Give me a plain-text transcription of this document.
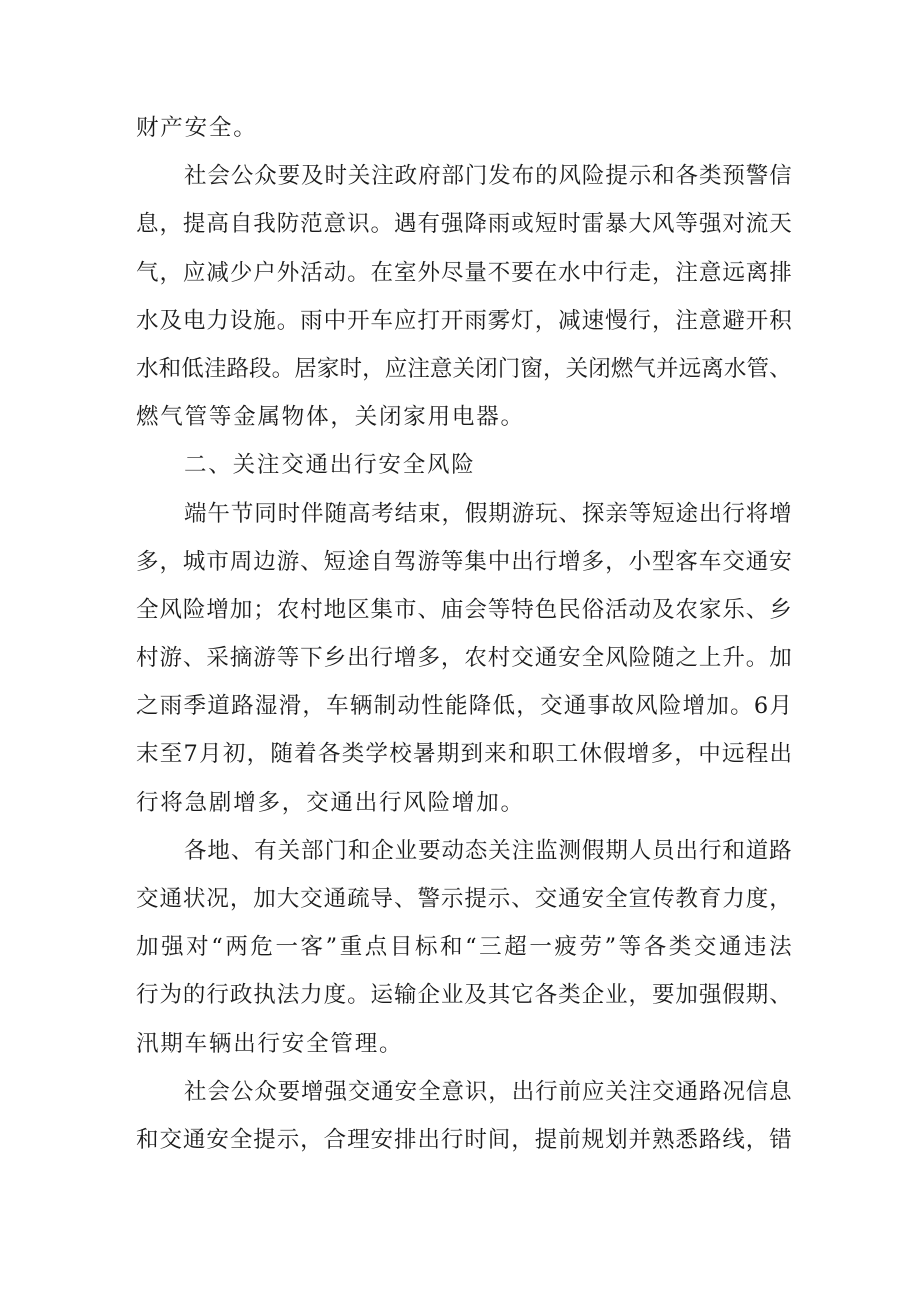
财产安全。
社 会 公 众 要 及 时 关 注 政 府 部 门 发 布 的 风 险 提 示 和 各 类 预 警 信
息 ， 提 高 自 我 防 范 意 识 。 遇 有 强 降 雨 或 短 时 雷 暴 大 风 等 强 对 流 天
气 ， 应 减 少 户 外 活 动 。 在 室 外 尽 量 不 要 在 水 中 行 走 ， 注 意 远 离 排
水 及 电 力 设 施 。 雨 中 开 车 应 打 开 雨 雾 灯 ， 减 速 慢 行 ， 注 意 避 开 积
水 和 低 洼 路 段 。 居 家 时 ， 应 注 意 关 闭 门 窗 ， 关 闭 燃 气 并 远 离 水 管 、
燃气管等金属物体，关闭家用电器。
二、关注交通出行安全风险
端 午 节 同 时 伴 随 高 考 结 束 ， 假 期 游 玩 、 探 亲 等 短 途 出 行 将 增
多 ， 城 市 周 边 游 、 短 途 自 驾 游 等 集 中 出 行 增 多 ， 小 型 客 车 交 通 安
全 风 险 增 加 ； 农 村 地 区 集 市 、 庙 会 等 特 色 民 俗 活 动 及 农 家 乐 、 乡
村 游 、 采 摘 游 等 下 乡 出 行 增 多 ， 农 村 交 通 安 全 风 险 随 之 上 升 。 加
之 雨 季 道 路 湿 滑 ， 车 辆 制 动 性 能 降 低 ， 交 通 事 故 风 险 增 加 。 6 月
末 至 7 月 初 ， 随 着 各 类 学 校 暑 期 到 来 和 职 工 休 假 增 多 ， 中 远 程 出
行将急剧增多，交通出行风险增加。
各 地 、 有 关 部 门 和 企 业 要 动 态 关 注 监 测 假 期 人 员 出 行 和 道 路
交 通 状 况 ， 加 大 交 通 疏 导 、 警 示 提 示 、 交 通 安 全 宣 传 教 育 力 度 ，
加 强 对 “ 两 危 一 客 ” 重 点 目 标 和 “ 三 超 一 疲 劳 ” 等 各 类 交 通 违 法
行 为 的 行 政 执 法 力 度 。 运 输 企 业 及 其 它 各 类 企 业 ， 要 加 强 假 期 、
汛期车辆出行安全管理。
社 会 公 众 要 增 强 交 通 安 全 意 识 ， 出 行 前 应 关 注 交 通 路 况 信 息
和 交 通 安 全 提 示 ， 合 理 安 排 出 行 时 间 ， 提 前 规 划 并 熟 悉 路 线 ， 错
